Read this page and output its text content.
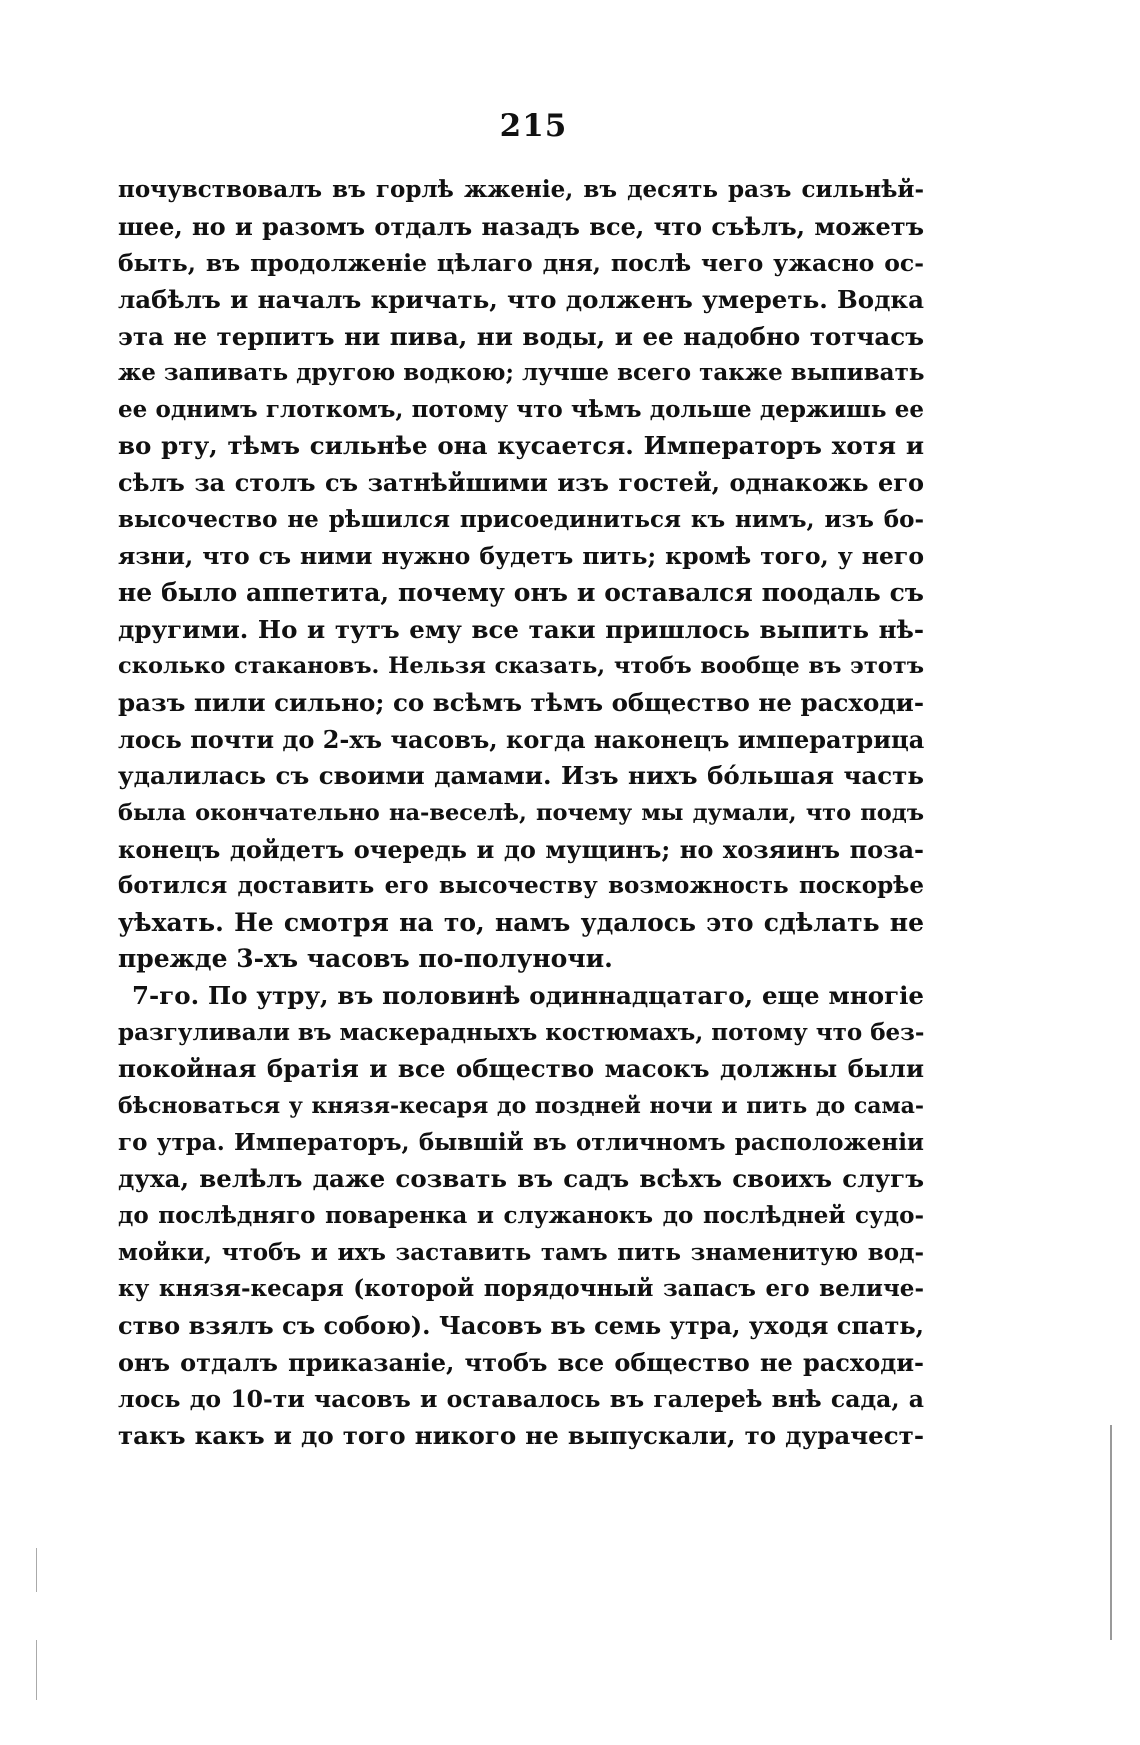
215
почувствовалъ въ горлѣ жженіе, въ десять разъ сильнѣй-
шее, но и разомъ отдалъ назадъ все, что съѣлъ, можетъ
быть, въ продолженіе цѣлаго дня, послѣ чего ужасно ос-
лабѣлъ и началъ кричать, что долженъ умереть. Водка
эта не терпитъ ни пива, ни воды, и ее надобно тотчасъ
же запивать другою водкою; лучше всего также выпивать
ее однимъ глоткомъ, потому что чѣмъ дольше держишь ее
во рту, тѣмъ сильнѣе она кусается. Императоръ хотя и
сѣлъ за столъ съ затнѣйшими изъ гостей, однакожь его
высочество не рѣшился присоединиться къ нимъ, изъ бо-
язни, что съ ними нужно будетъ пить; кромѣ того, у него
не было аппетита, почему онъ и оставался поодаль съ
другими. Но и тутъ ему все таки пришлось выпить нѣ-
сколько стакановъ. Нельзя сказать, чтобъ вообще въ этотъ
разъ пили сильно; со всѣмъ тѣмъ общество не расходи-
лось почти до 2-хъ часовъ, когда наконецъ императрица
удалилась съ своими дамами. Изъ нихъ бóльшая часть
была окончательно на-веселѣ, почему мы думали, что подъ
конецъ дойдетъ очередь и до мущинъ; но хозяинъ поза-
ботился доставить его высочеству возможность поскорѣе
уѣхать. Не смотря на то, намъ удалось это сдѣлать не
прежде 3-хъ часовъ по-полуночи.
7-го. По утру, въ половинѣ одиннадцатаго, еще многіе
разгуливали въ маскерадныхъ костюмахъ, потому что без-
покойная братія и все общество масокъ должны были
бѣсноваться у князя-кесаря до поздней ночи и пить до сама-
го утра. Императоръ, бывшій въ отличномъ расположеніи
духа, велѣлъ даже созвать въ садъ всѣхъ своихъ слугъ
до послѣдняго поваренка и служанокъ до послѣдней судо-
мойки, чтобъ и ихъ заставить тамъ пить знаменитую вод-
ку князя-кесаря (которой порядочный запасъ его величе-
ство взялъ съ собою). Часовъ въ семь утра, уходя спать,
онъ отдалъ приказаніе, чтобъ все общество не расходи-
лось до 10-ти часовъ и оставалось въ галереѣ внѣ сада, а
такъ какъ и до того никого не выпускали, то дурачест-
